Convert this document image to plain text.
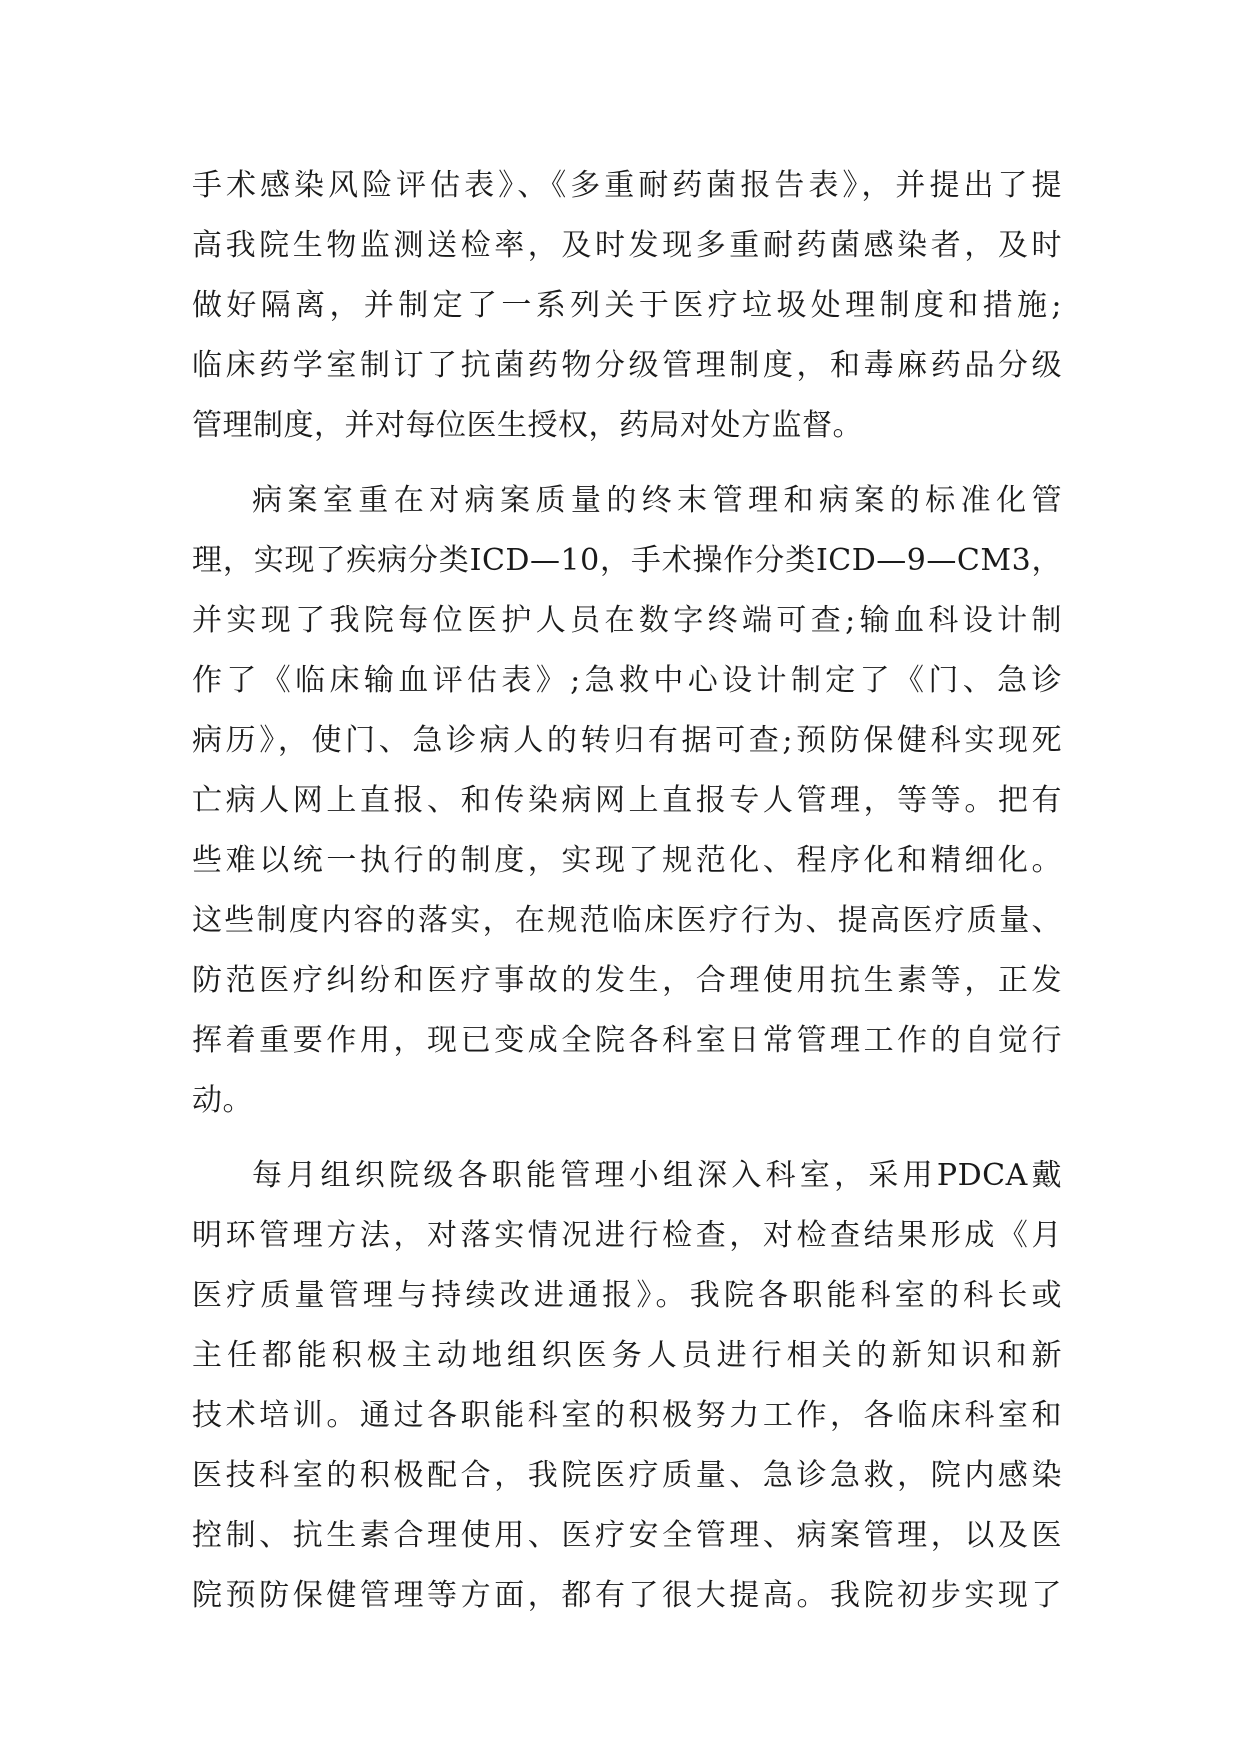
手术感染风险评估表》、《多重耐药菌报告表》，并提出了提
高我院生物监测送检率，及时发现多重耐药菌感染者，及时
做好隔离，并制定了一系列关于医疗垃圾处理制度和措施;
临床药学室制订了抗菌药物分级管理制度，和毒麻药品分级
管理制度，并对每位医生授权，药局对处方监督。
病案室重在对病案质量的终末管理和病案的标准化管
理，实现了疾病分类ICD—10，手术操作分类ICD—9—CM3，
并实现了我院每位医护人员在数字终端可查;输血科设计制
作了《临床输血评估表》;急救中心设计制定了《门、急诊
病历》，使门、急诊病人的转归有据可查;预防保健科实现死
亡病人网上直报、和传染病网上直报专人管理，等等。把有
些难以统一执行的制度，实现了规范化、程序化和精细化。
这些制度内容的落实，在规范临床医疗行为、提高医疗质量、
防范医疗纠纷和医疗事故的发生，合理使用抗生素等，正发
挥着重要作用，现已变成全院各科室日常管理工作的自觉行
动。
每月组织院级各职能管理小组深入科室，采用PDCA戴
明环管理方法，对落实情况进行检查，对检查结果形成《月
医疗质量管理与持续改进通报》。我院各职能科室的科长或
主任都能积极主动地组织医务人员进行相关的新知识和新
技术培训。通过各职能科室的积极努力工作，各临床科室和
医技科室的积极配合，我院医疗质量、急诊急救，院内感染
控制、抗生素合理使用、医疗安全管理、病案管理，以及医
院预防保健管理等方面，都有了很大提高。我院初步实现了
